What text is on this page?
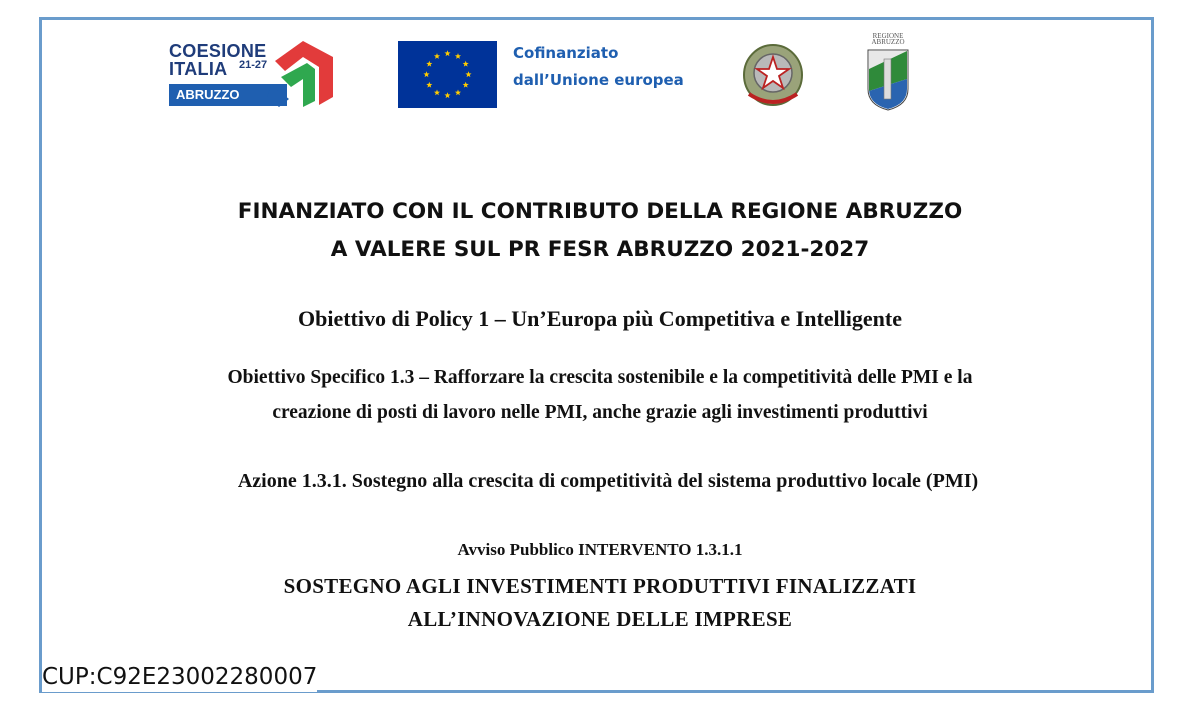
COESIONE
ITALIA 21-27
ABRUZZO
Cofinanziato
dall’Unione europea
REGIONE
ABRUZZO
FINANZIATO CON IL CONTRIBUTO DELLA REGIONE ABRUZZO
A VALERE SUL PR FESR ABRUZZO 2021-2027
Obiettivo di Policy 1 – Un’Europa più Competitiva e Intelligente
Obiettivo Specifico 1.3 – Rafforzare la crescita sostenibile e la competitività delle PMI e la
creazione di posti di lavoro nelle PMI, anche grazie agli investimenti produttivi
Azione 1.3.1. Sostegno alla crescita di competitività del sistema produttivo locale (PMI)
Avviso Pubblico INTERVENTO 1.3.1.1
SOSTEGNO AGLI INVESTIMENTI PRODUTTIVI FINALIZZATI
ALL’INNOVAZIONE DELLE IMPRESE
CUP:C92E23002280007
